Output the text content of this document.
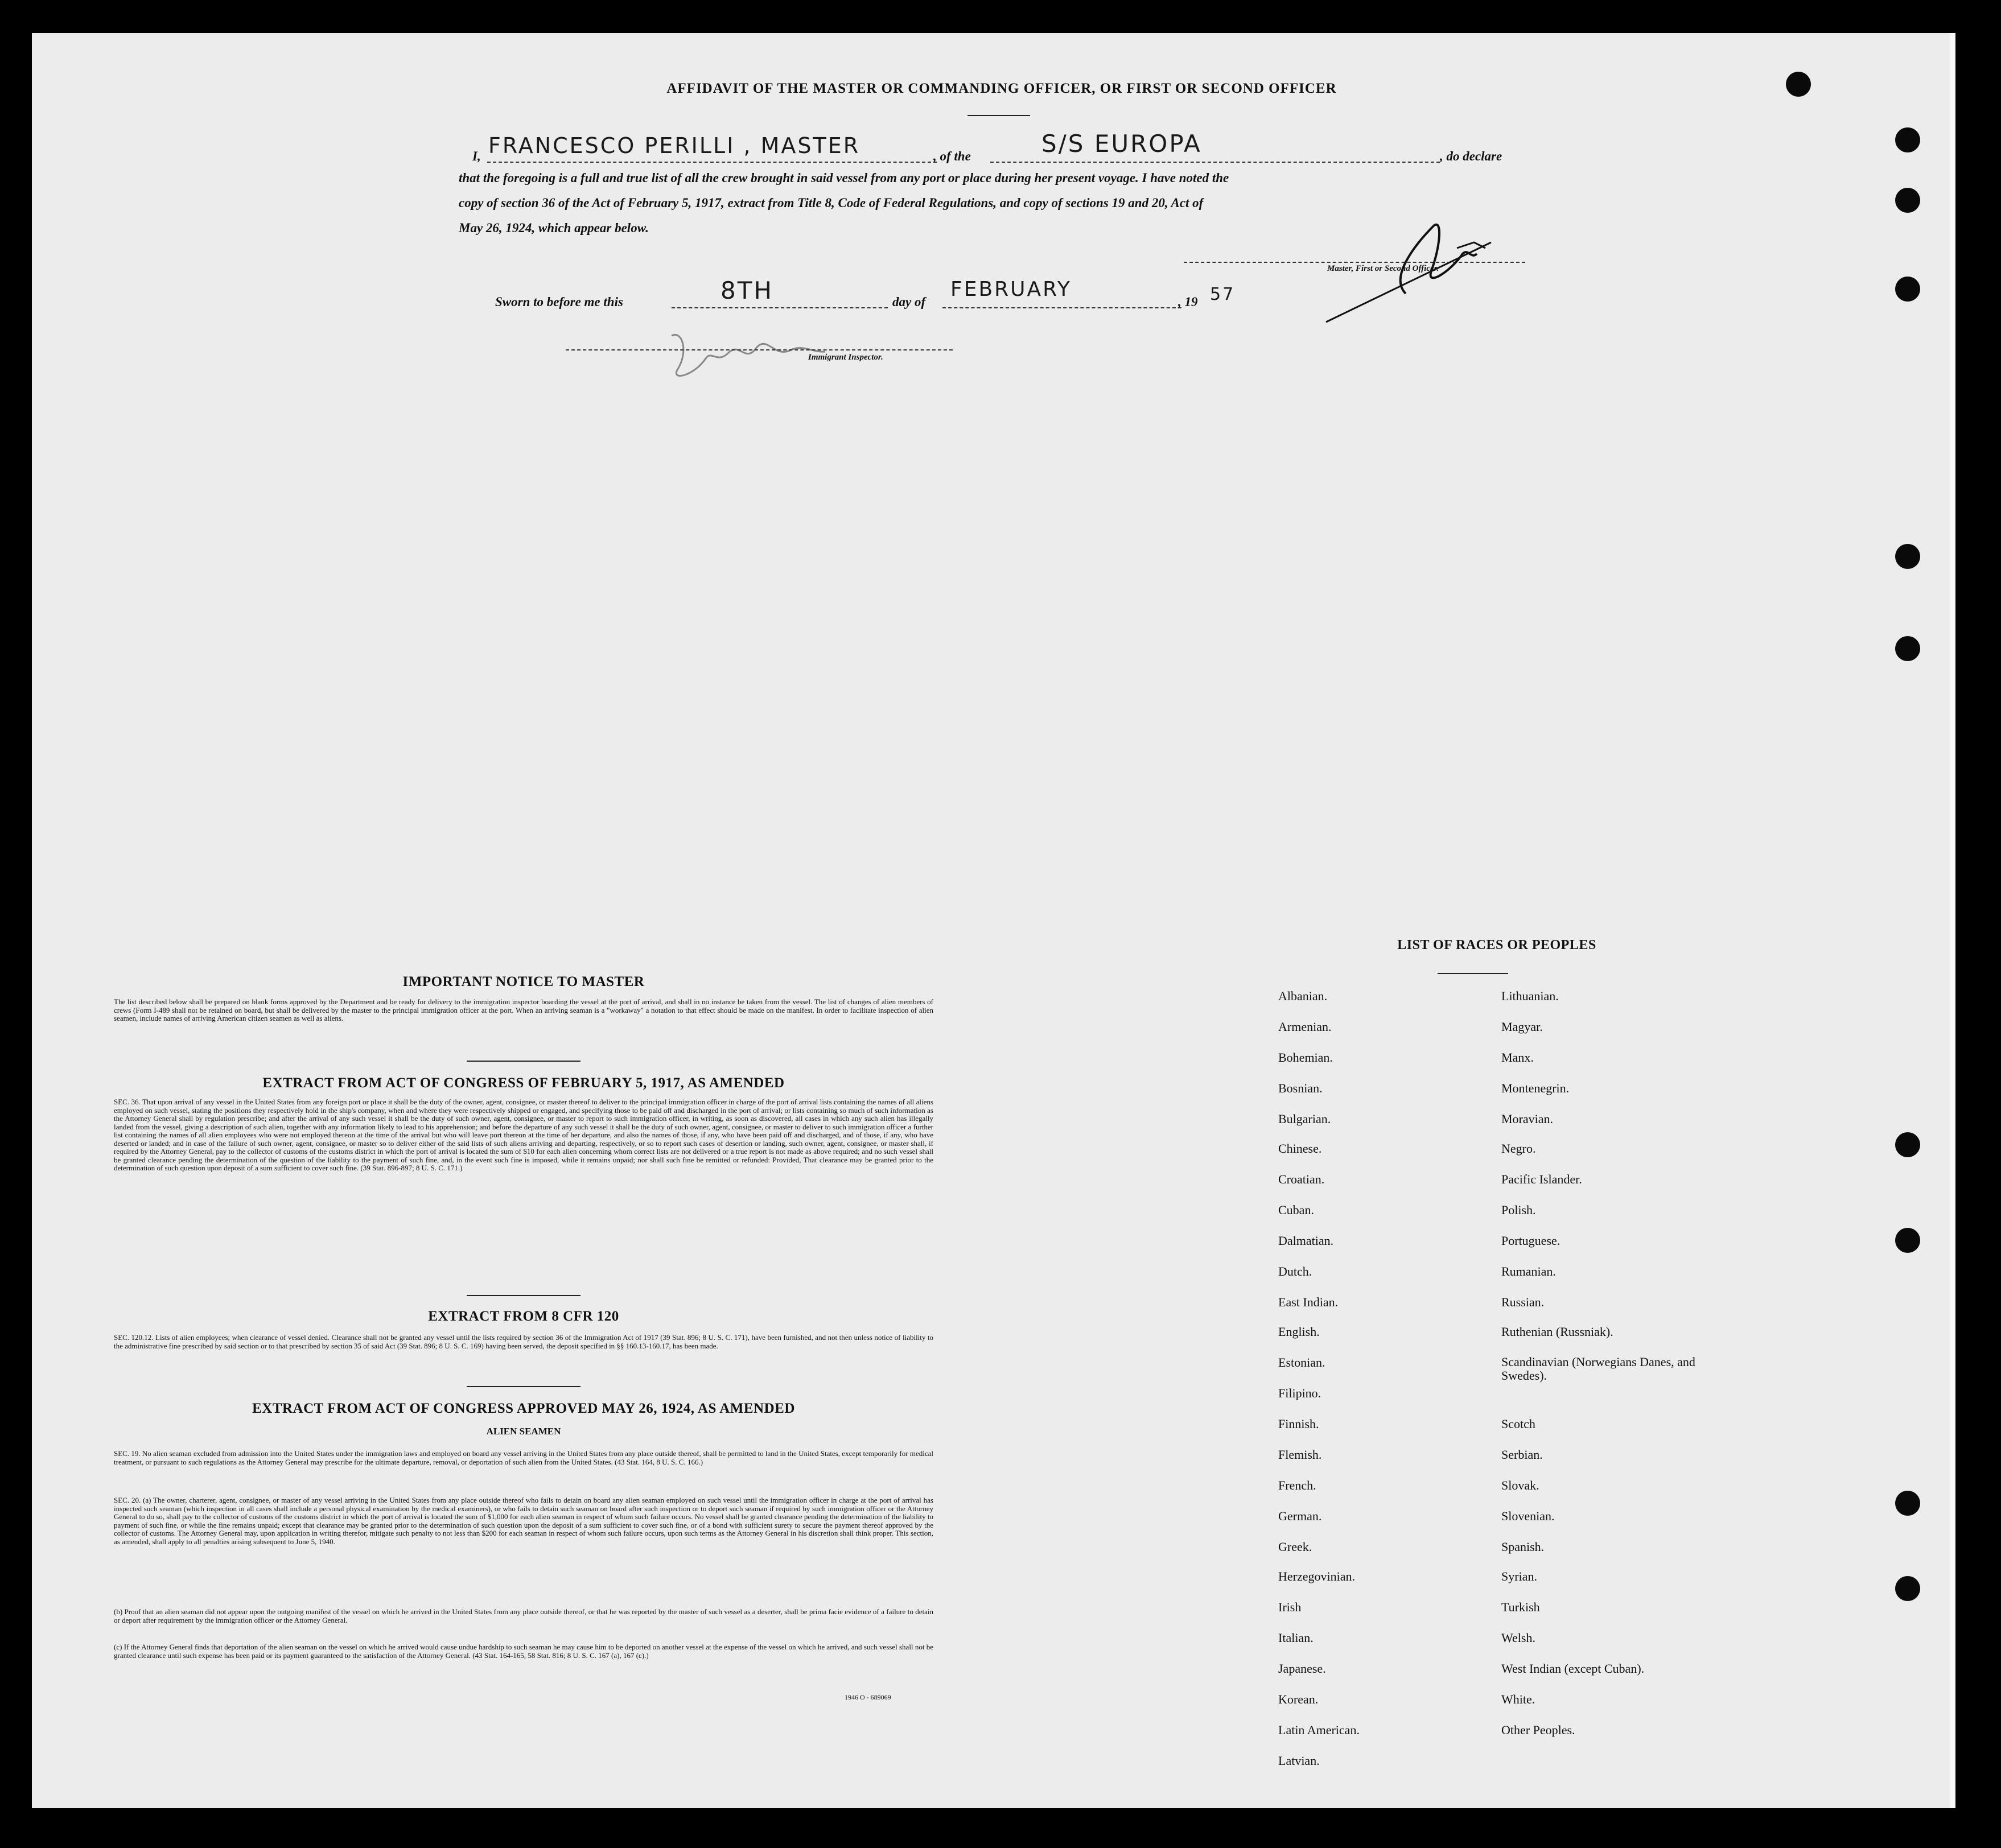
AFFIDAVIT OF THE MASTER OR COMMANDING OFFICER, OR FIRST OR SECOND OFFICER
I, FRANCESCO PERILLI , MASTER	, of the	S/S EUROPA	, do declare
that the foregoing is a full and true list of all the crew brought in said vessel from any port or place during her present voyage. I have noted the
copy of section 36 of the Act of February 5, 1917, extract from Title 8, Code of Federal Regulations, and copy of sections 19 and 20, Act of
May 26, 1924, which appear below.
Master, First or Second Officer.
Sworn to before me this	8TH	day of
FEBRUARY
, 19 57
Immigrant Inspector.
IMPORTANT NOTICE TO MASTER
The list described below shall be prepared on blank forms approved by the Department and be ready for delivery to the immigration inspector boarding the vessel at the port of arrival, and shall in no instance be taken from the vessel. The list of changes of alien members of crews (Form I-489 shall not be retained on board, but shall be delivered by the master to the principal immigration officer at the port. When an arriving seaman is a "workaway" a notation to that effect should be made on the manifest. In order to facilitate inspection of alien seamen, include names of arriving American citizen seamen as well as aliens.
EXTRACT FROM ACT OF CONGRESS OF FEBRUARY 5, 1917, AS AMENDED
SEC. 36. That upon arrival of any vessel in the United States from any foreign port or place it shall be the duty of the owner, agent, consignee, or master thereof to deliver to the principal immigration officer in charge of the port of arrival lists containing the names of all aliens employed on such vessel, stating the positions they respectively hold in the ship's company, when and where they were respectively shipped or engaged, and specifying those to be paid off and discharged in the port of arrival; or lists containing so much of such information as the Attorney General shall by regulation prescribe; and after the arrival of any such vessel it shall be the duty of such owner, agent, consignee, or master to report to such immigration officer, in writing, as soon as discovered, all cases in which any such alien has illegally landed from the vessel, giving a description of such alien, together with any information likely to lead to his apprehension; and before the departure of any such vessel it shall be the duty of such owner, agent, consignee, or master to deliver to such immigration officer a further list containing the names of all alien employees who were not employed thereon at the time of the arrival but who will leave port thereon at the time of her departure, and also the names of those, if any, who have been paid off and discharged, and of those, if any, who have deserted or landed; and in case of the failure of such owner, agent, consignee, or master so to deliver either of the said lists of such aliens arriving and departing, respectively, or so to report such cases of desertion or landing, such owner, agent, consignee, or master shall, if required by the Attorney General, pay to the collector of customs of the customs district in which the port of arrival is located the sum of $10 for each alien concerning whom correct lists are not delivered or a true report is not made as above required; and no such vessel shall be granted clearance pending the determination of the question of the liability to the payment of such fine, and, in the event such fine is imposed, while it remains unpaid; nor shall such fine be remitted or refunded: Provided, That clearance may be granted prior to the determination of such question upon deposit of a sum sufficient to cover such fine. (39 Stat. 896-897; 8 U. S. C. 171.)
EXTRACT FROM 8 CFR 120
SEC. 120.12. Lists of alien employees; when clearance of vessel denied. Clearance shall not be granted any vessel until the lists required by section 36 of the Immigration Act of 1917 (39 Stat. 896; 8 U. S. C. 171), have been furnished, and not then unless notice of liability to the administrative fine prescribed by said section or to that prescribed by section 35 of said Act (39 Stat. 896; 8 U. S. C. 169) having been served, the deposit specified in §§ 160.13-160.17, has been made.
EXTRACT FROM ACT OF CONGRESS APPROVED MAY 26, 1924, AS AMENDED
ALIEN SEAMEN
SEC. 19. No alien seaman excluded from admission into the United States under the immigration laws and employed on board any vessel arriving in the United States from any place outside thereof, shall be permitted to land in the United States, except temporarily for medical treatment, or pursuant to such regulations as the Attorney General may prescribe for the ultimate departure, removal, or deportation of such alien from the United States. (43 Stat. 164, 8 U. S. C. 166.)
SEC. 20. (a) The owner, charterer, agent, consignee, or master of any vessel arriving in the United States from any place outside thereof who fails to detain on board any alien seaman employed on such vessel until the immigration officer in charge at the port of arrival has inspected such seaman (which inspection in all cases shall include a personal physical examination by the medical examiners), or who fails to detain such seaman on board after such inspection or to deport such seaman if required by such immigration officer or the Attorney General to do so, shall pay to the collector of customs of the customs district in which the port of arrival is located the sum of $1,000 for each alien seaman in respect of whom such failure occurs. No vessel shall be granted clearance pending the determination of the liability to payment of such fine, or while the fine remains unpaid; except that clearance may be granted prior to the determination of such question upon the deposit of a sum sufficient to cover such fine, or of a bond with sufficient surety to secure the payment thereof approved by the collector of customs. The Attorney General may, upon application in writing therefor, mitigate such penalty to not less than $200 for each seaman in respect of whom such failure occurs, upon such terms as the Attorney General in his discretion shall think proper. This section, as amended, shall apply to all penalties arising subsequent to June 5, 1940.
(b) Proof that an alien seaman did not appear upon the outgoing manifest of the vessel on which he arrived in the United States from any place outside thereof, or that he was reported by the master of such vessel as a deserter, shall be prima facie evidence of a failure to detain or deport after requirement by the immigration officer or the Attorney General.
(c) If the Attorney General finds that deportation of the alien seaman on the vessel on which he arrived would cause undue hardship to such seaman he may cause him to be deported on another vessel at the expense of the vessel on which he arrived, and such vessel shall not be granted clearance until such expense has been paid or its payment guaranteed to the satisfaction of the Attorney General. (43 Stat. 164-165, 58 Stat. 816; 8 U. S. C. 167 (a), 167 (c).)
1946 O - 689069
LIST OF RACES OR PEOPLES
Albanian.
Armenian.
Bohemian.
Bosnian.
Bulgarian.
Chinese.
Croatian.
Cuban.
Dalmatian.
Dutch.
East Indian.
English.
Estonian.
Filipino.
Finnish.
Flemish.
French.
German.
Greek.
Herzegovinian.
Irish
Italian.
Japanese.
Korean.
Latin American.
Latvian.
Lithuanian.
Magyar.
Manx.
Montenegrin.
Moravian.
Negro.
Pacific Islander.
Polish.
Portuguese.
Rumanian.
Russian.
Ruthenian (Russniak).
Scandinavian (Norwegians Danes, and Swedes).
Scotch
Serbian.
Slovak.
Slovenian.
Spanish.
Syrian.
Turkish
Welsh.
West Indian (except Cuban).
White.
Other Peoples.
